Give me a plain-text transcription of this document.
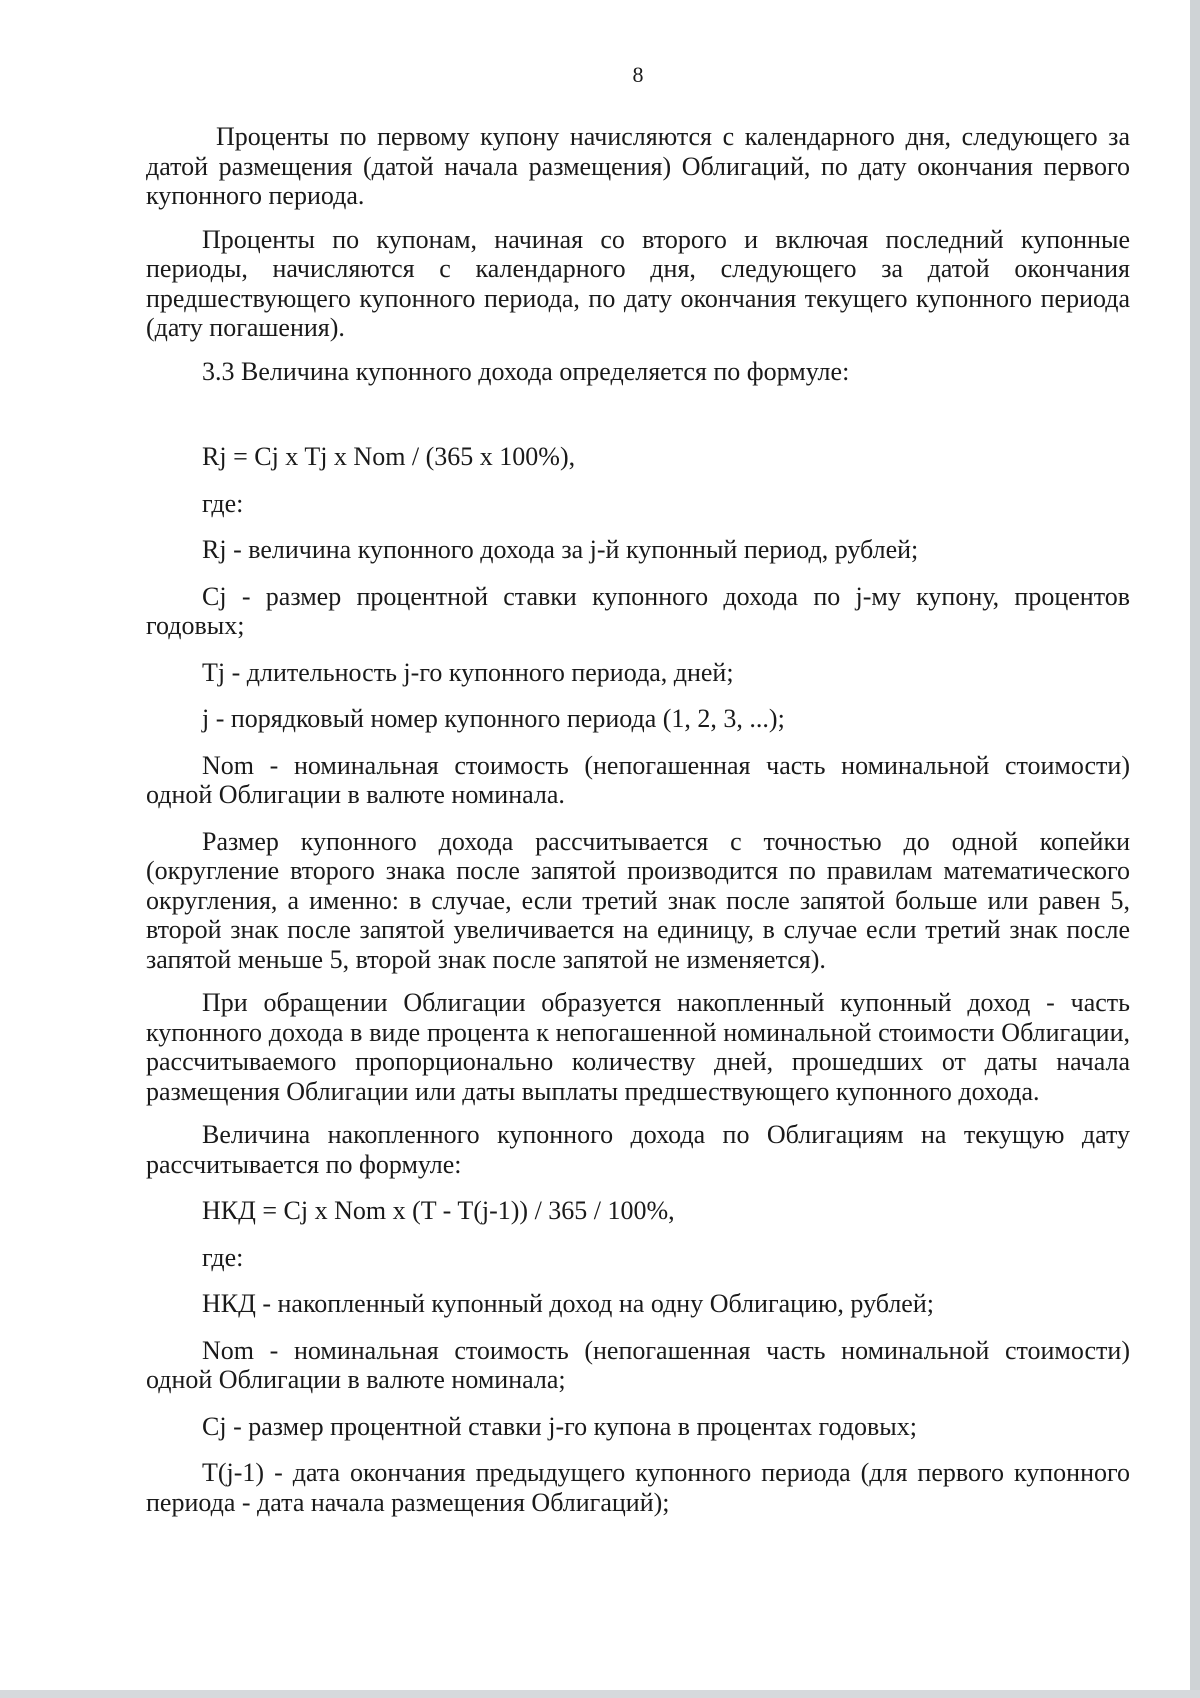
8

Проценты по первому купону начисляются с календарного дня, следующего за датой размещения (датой начала размещения) Облигаций, по дату окончания первого купонного периода.

Проценты по купонам, начиная со второго и включая последний купонные периоды, начисляются с календарного дня, следующего за датой окончания предшествующего купонного периода, по дату окончания текущего купонного периода (дату погашения).

3.3 Величина купонного дохода определяется по формуле:

Rj = Cj x Tj x Nom / (365 x 100%),

где:

Rj - величина купонного дохода за j-й купонный период, рублей;

Cj - размер процентной ставки купонного дохода по j-му купону, процентов годовых;

Tj - длительность j-го купонного периода, дней;

j - порядковый номер купонного периода (1, 2, 3, ...);

Nom - номинальная стоимость (непогашенная часть номинальной стоимости) одной Облигации в валюте номинала.

Размер купонного дохода рассчитывается с точностью до одной копейки (округление второго знака после запятой производится по правилам математического округления, а именно: в случае, если третий знак после запятой больше или равен 5, второй знак после запятой увеличивается на единицу, в случае если третий знак после запятой меньше 5, второй знак после запятой не изменяется).

При обращении Облигации образуется накопленный купонный доход - часть купонного дохода в виде процента к непогашенной номинальной стоимости Облигации, рассчитываемого пропорционально количеству дней, прошедших от даты начала размещения Облигации или даты выплаты предшествующего купонного дохода.

Величина накопленного купонного дохода по Облигациям на текущую дату рассчитывается по формуле:

НКД = Cj x Nom x (T - T(j-1)) / 365 / 100%,

где:

НКД - накопленный купонный доход на одну Облигацию, рублей;

Nom - номинальная стоимость (непогашенная часть номинальной стоимости) одной Облигации в валюте номинала;

Cj - размер процентной ставки j-го купона в процентах годовых;

T(j-1) - дата окончания предыдущего купонного периода (для первого купонного периода - дата начала размещения Облигаций);
